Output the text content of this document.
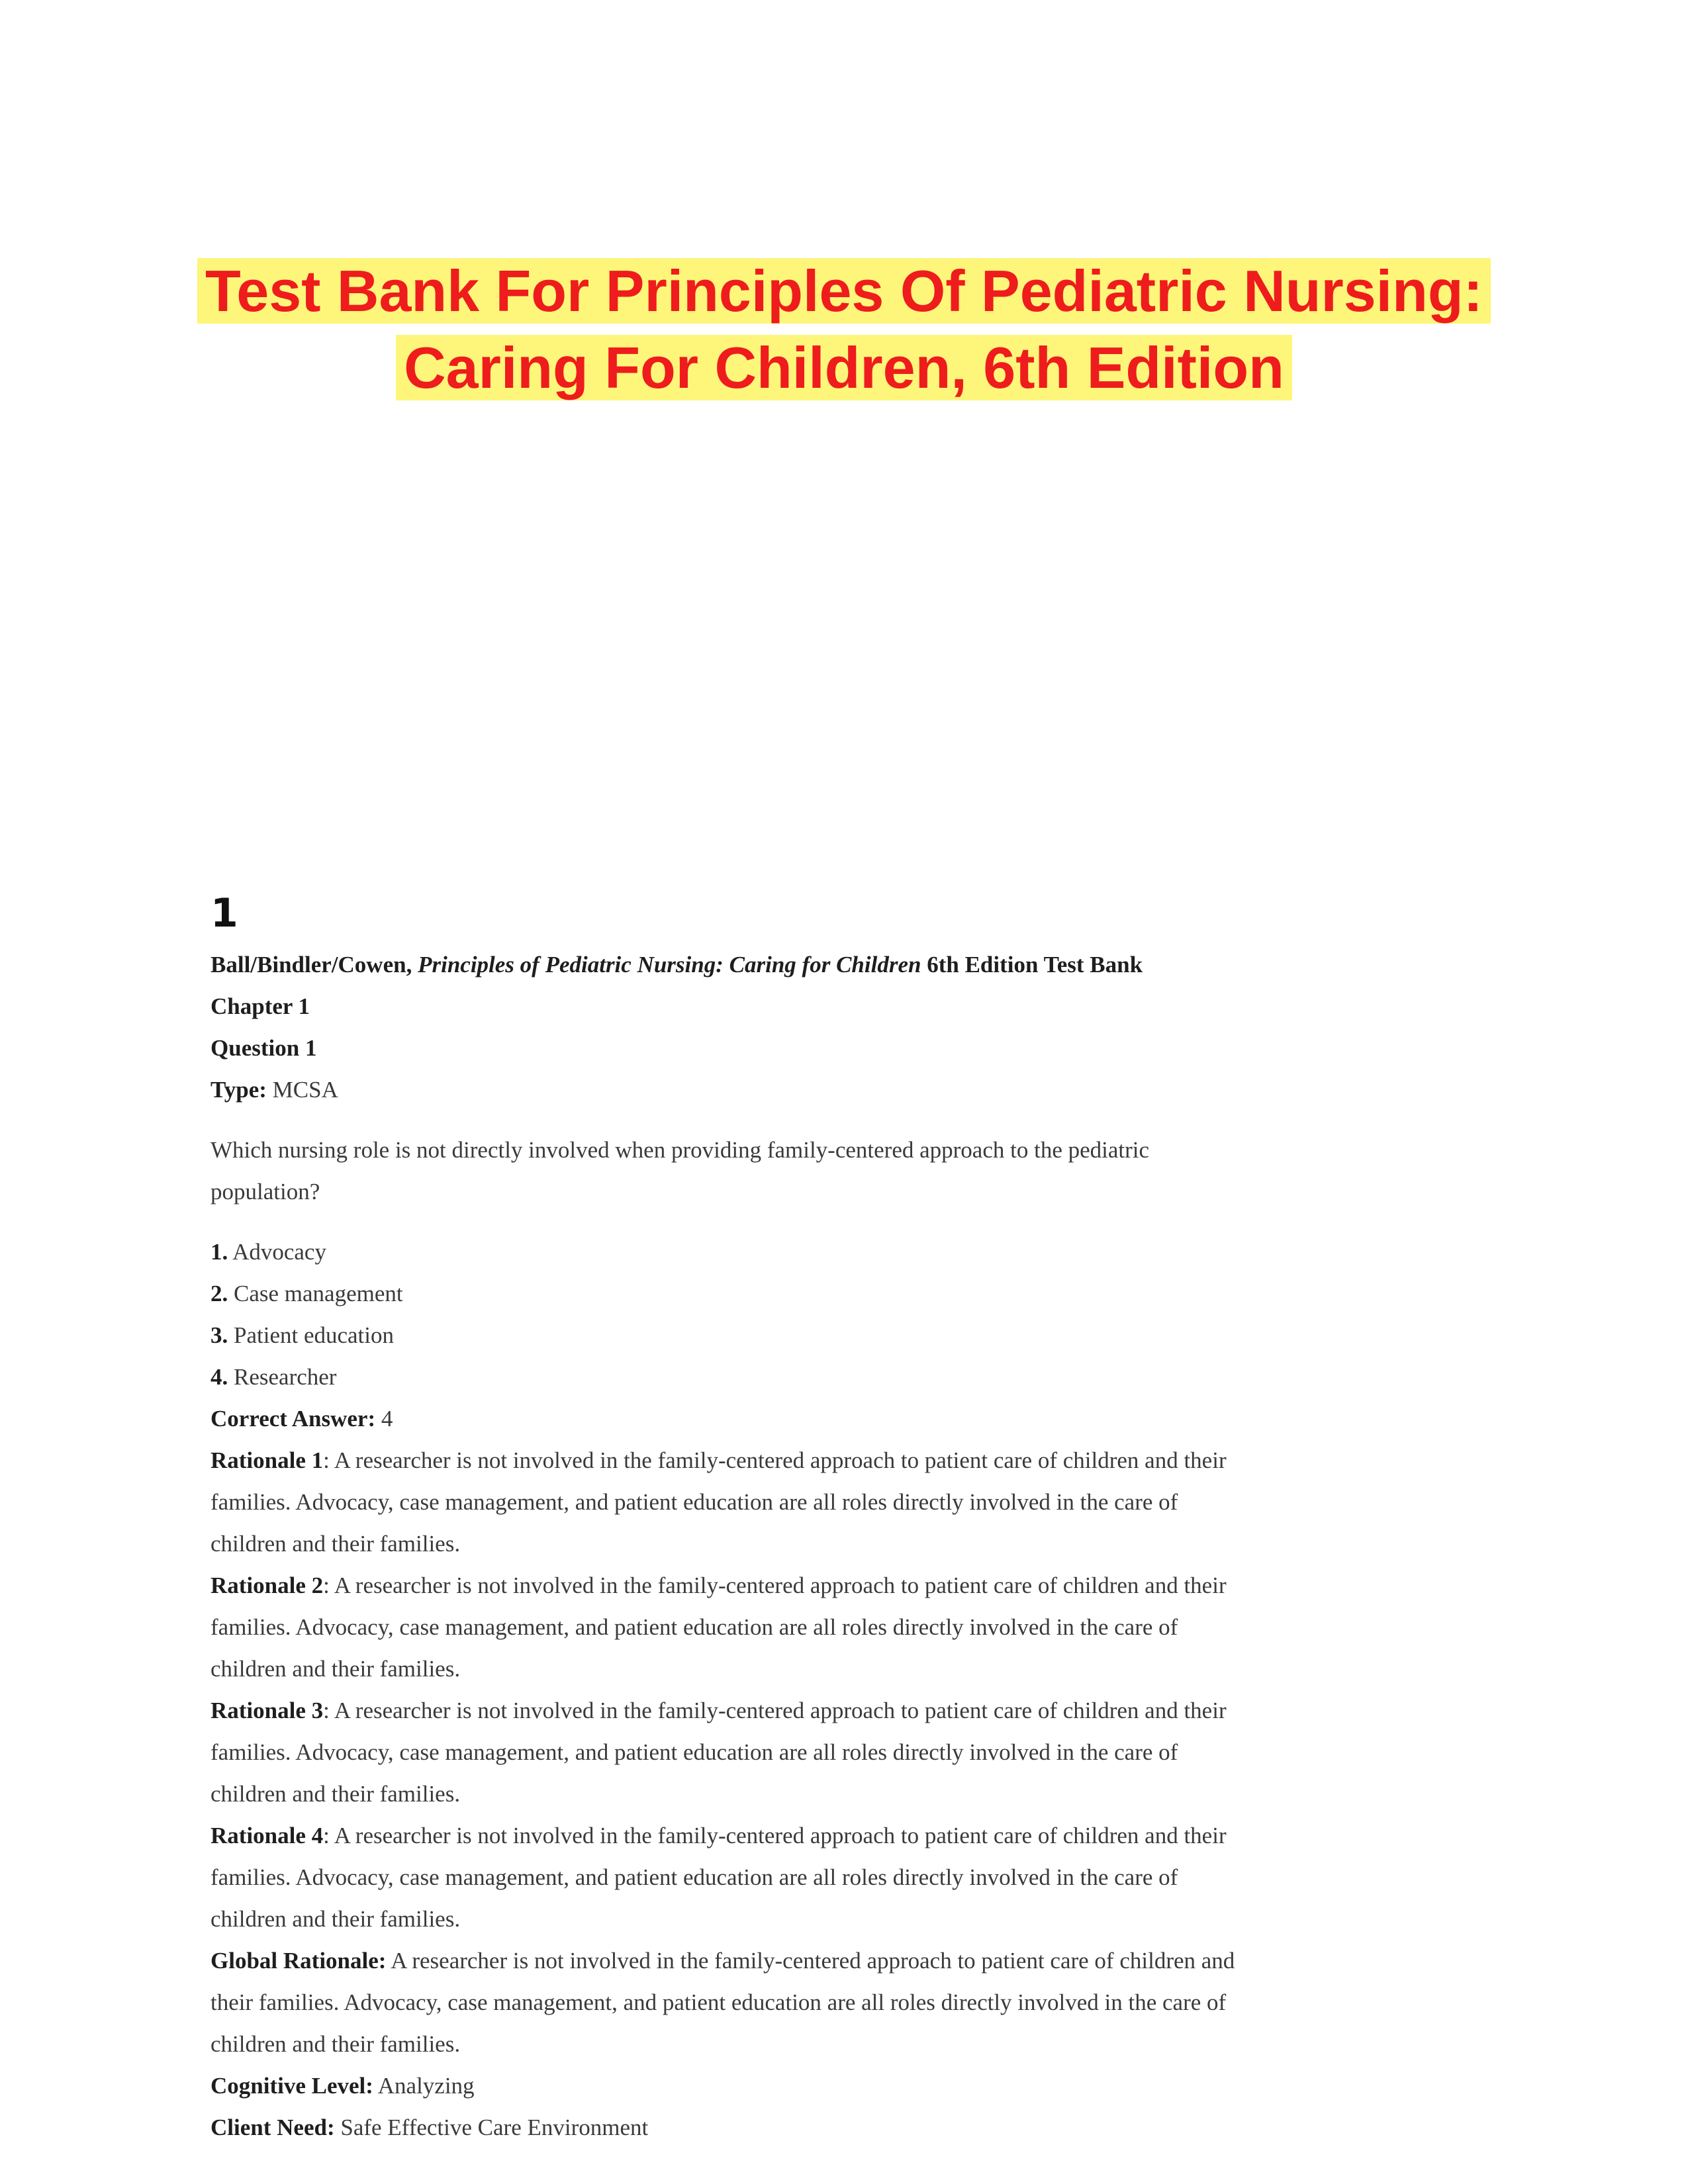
Test Bank For Principles Of Pediatric Nursing:
Caring For Children, 6th Edition
1

Ball/Bindler/Cowen, Principles of Pediatric Nursing: Caring for Children 6th Edition Test Bank

Chapter 1

Question 1

Type: MCSA

Which nursing role is not directly involved when providing family-centered approach to the pediatric population?

1. Advocacy

2. Case management

3. Patient education

4. Researcher

Correct Answer: 4

Rationale 1: A researcher is not involved in the family-centered approach to patient care of children and their families. Advocacy, case management, and patient education are all roles directly involved in the care of children and their families.

Rationale 2: A researcher is not involved in the family-centered approach to patient care of children and their families. Advocacy, case management, and patient education are all roles directly involved in the care of children and their families.

Rationale 3: A researcher is not involved in the family-centered approach to patient care of children and their families. Advocacy, case management, and patient education are all roles directly involved in the care of children and their families.

Rationale 4: A researcher is not involved in the family-centered approach to patient care of children and their families. Advocacy, case management, and patient education are all roles directly involved in the care of children and their families.

Global Rationale: A researcher is not involved in the family-centered approach to patient care of children and their families. Advocacy, case management, and patient education are all roles directly involved in the care of children and their families.

Cognitive Level: Analyzing

Client Need: Safe Effective Care Environment
